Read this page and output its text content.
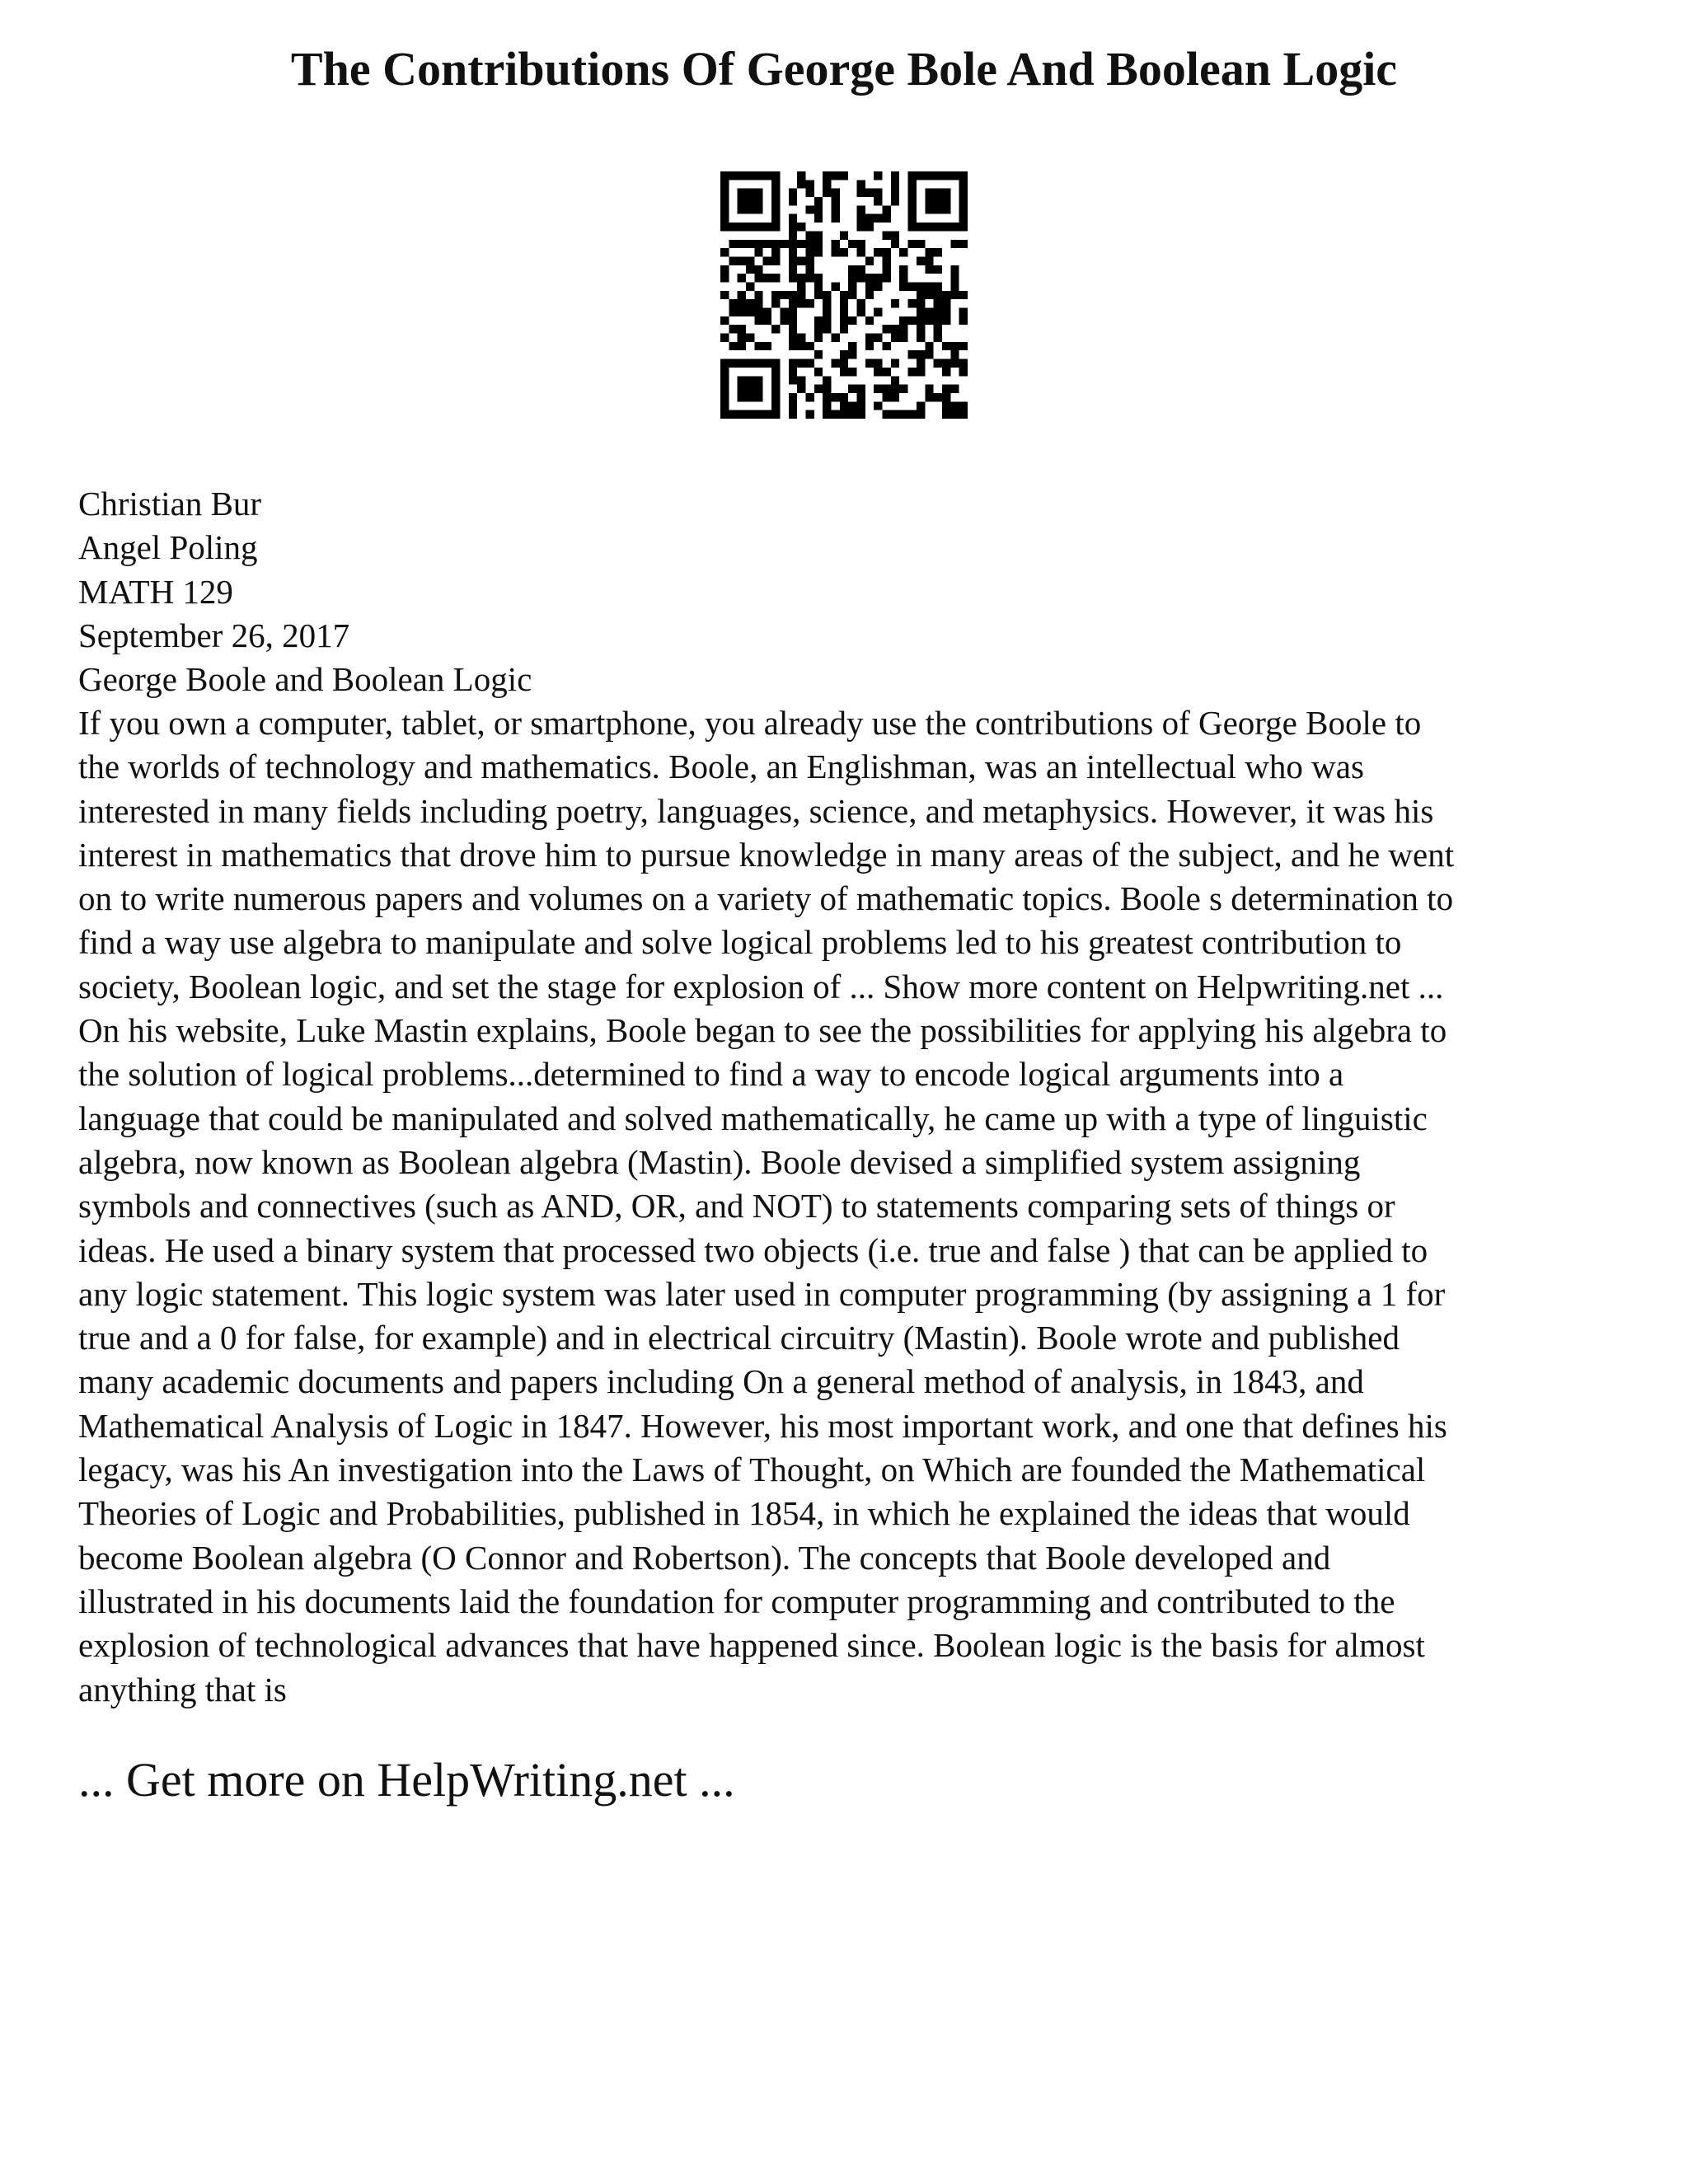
The Contributions Of George Bole And Boolean Logic
Christian Bur
Angel Poling
MATH 129
September 26, 2017
George Boole and Boolean Logic
If you own a computer, tablet, or smartphone, you already use the contributions of George Boole to
the worlds of technology and mathematics. Boole, an Englishman, was an intellectual who was
interested in many fields including poetry, languages, science, and metaphysics. However, it was his
interest in mathematics that drove him to pursue knowledge in many areas of the subject, and he went
on to write numerous papers and volumes on a variety of mathematic topics. Boole s determination to
find a way use algebra to manipulate and solve logical problems led to his greatest contribution to
society, Boolean logic, and set the stage for explosion of ... Show more content on Helpwriting.net ...
On his website, Luke Mastin explains, Boole began to see the possibilities for applying his algebra to
the solution of logical problems...determined to find a way to encode logical arguments into a
language that could be manipulated and solved mathematically, he came up with a type of linguistic
algebra, now known as Boolean algebra (Mastin). Boole devised a simplified system assigning
symbols and connectives (such as AND, OR, and NOT) to statements comparing sets of things or
ideas. He used a binary system that processed two objects (i.e. true and false ) that can be applied to
any logic statement. This logic system was later used in computer programming (by assigning a 1 for
true and a 0 for false, for example) and in electrical circuitry (Mastin). Boole wrote and published
many academic documents and papers including On a general method of analysis, in 1843, and
Mathematical Analysis of Logic in 1847. However, his most important work, and one that defines his
legacy, was his An investigation into the Laws of Thought, on Which are founded the Mathematical
Theories of Logic and Probabilities, published in 1854, in which he explained the ideas that would
become Boolean algebra (O Connor and Robertson). The concepts that Boole developed and
illustrated in his documents laid the foundation for computer programming and contributed to the
explosion of technological advances that have happened since. Boolean logic is the basis for almost
anything that is
... Get more on HelpWriting.net ...
